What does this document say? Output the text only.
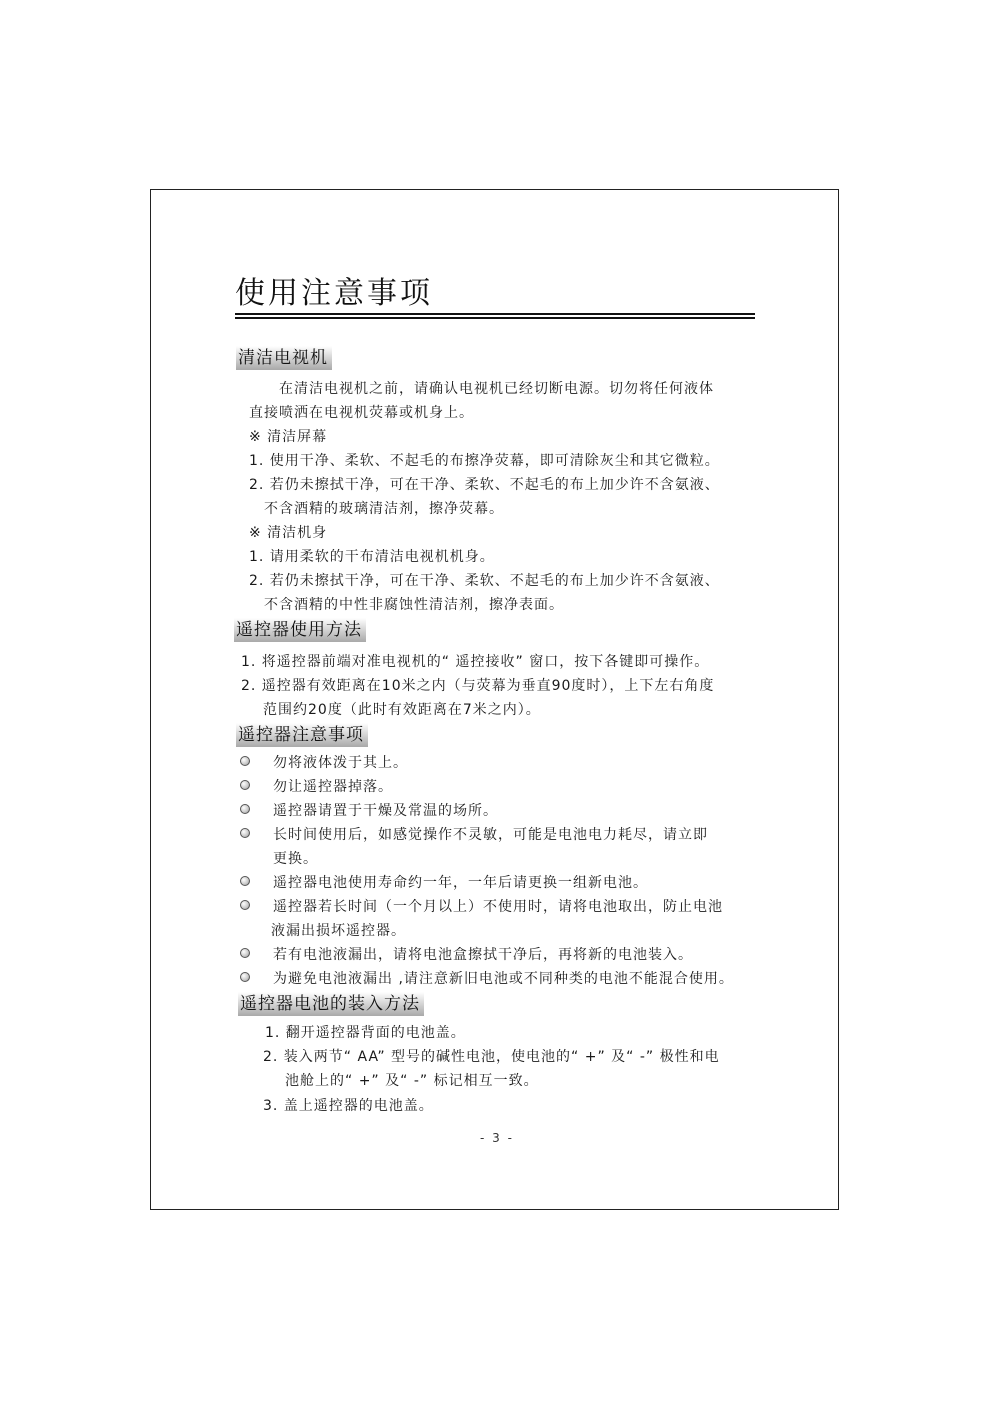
使用注意事项
清洁电视机
在清洁电视机之前，请确认电视机已经切断电源。切勿将任何液体
直接喷洒在电视机荧幕或机身上。
※ 清洁屏幕
1. 使用干净、柔软、不起毛的布擦净荧幕，即可清除灰尘和其它微粒。
2. 若仍未擦拭干净，可在干净、柔软、不起毛的布上加少许不含氨液、
不含酒精的玻璃清洁剂，擦净荧幕。
※ 清洁机身
1. 请用柔软的干布清洁电视机机身。
2. 若仍未擦拭干净，可在干净、柔软、不起毛的布上加少许不含氨液、
不含酒精的中性非腐蚀性清洁剂，擦净表面。
遥控器使用方法
1. 将遥控器前端对准电视机的“ 遥控接收” 窗口，按下各键即可操作。
2. 遥控器有效距离在10米之内（与荧幕为垂直90度时），上下左右角度
范围约20度（此时有效距离在7米之内）。
遥控器注意事项
勿将液体泼于其上。
勿让遥控器掉落。
遥控器请置于干燥及常温的场所。
长时间使用后，如感觉操作不灵敏，可能是电池电力耗尽，请立即
更换。
遥控器电池使用寿命约一年，一年后请更换一组新电池。
遥控器若长时间（一个月以上）不使用时，请将电池取出，防止电池
液漏出损坏遥控器。
若有电池液漏出，请将电池盒擦拭干净后，再将新的电池装入。
为避免电池液漏出 ,请注意新旧电池或不同种类的电池不能混合使用。
遥控器电池的装入方法
1. 翻开遥控器背面的电池盖。
2. 装入两节“ AA” 型号的碱性电池，使电池的“ +” 及“ -” 极性和电
池舱上的“ +” 及“ -” 标记相互一致。
3. 盖上遥控器的电池盖。
- 3 -
